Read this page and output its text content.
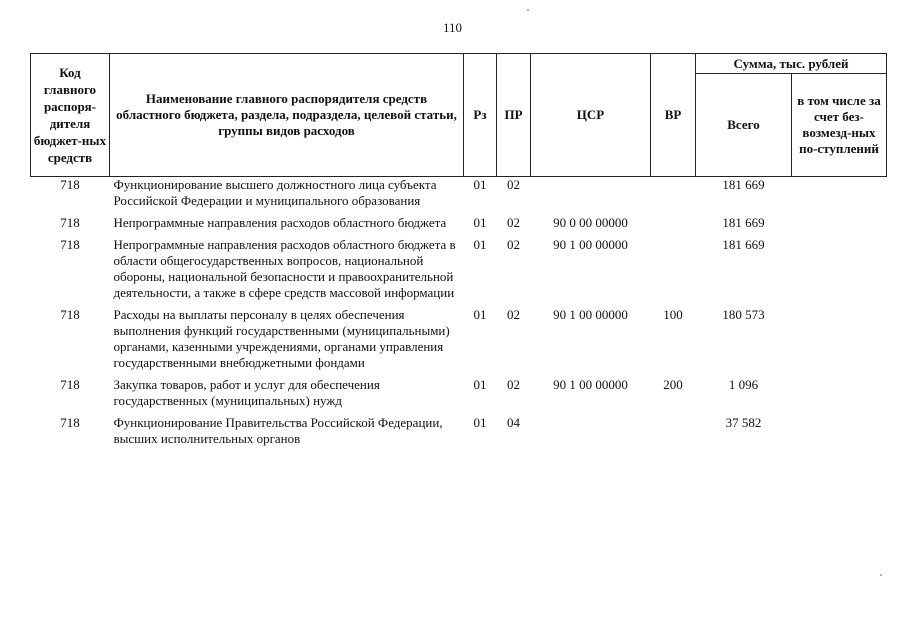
110
Код главного распоря-дителя бюджет-ных средств	Наименование главного распорядителя средств областного бюджета, раздела, подраздела, целевой статьи, группы видов расходов	Рз	ПР	ЦСР	ВР	Сумма, тыс. рублей	
						Всего	в том числе за счет без-возмезд-ных по-ступлений
718	Функционирование высшего должностного лица субъекта Российской Федерации и муниципального образования	01	02			181 669	
718	Непрограммные направления расходов областного бюджета	01	02	90 0 00 00000		181 669	
718	Непрограммные направления расходов областного бюджета в области общегосударственных вопросов, национальной обороны, национальной безопасности и правоохранительной деятельности, а также в сфере средств массовой информации	01	02	90 1 00 00000		181 669	
718	Расходы на выплаты персоналу в целях обеспечения выполнения функций государственными (муниципальными) органами, казенными учреждениями, органами управления государственными внебюджетными фондами	01	02	90 1 00 00000	100	180 573	
718	Закупка товаров, работ и услуг для обеспечения государственных (муниципальных) нужд	01	02	90 1 00 00000	200	1 096	
718	Функционирование Правительства Российской Федерации, высших исполнительных органов	01	04			37 582	
